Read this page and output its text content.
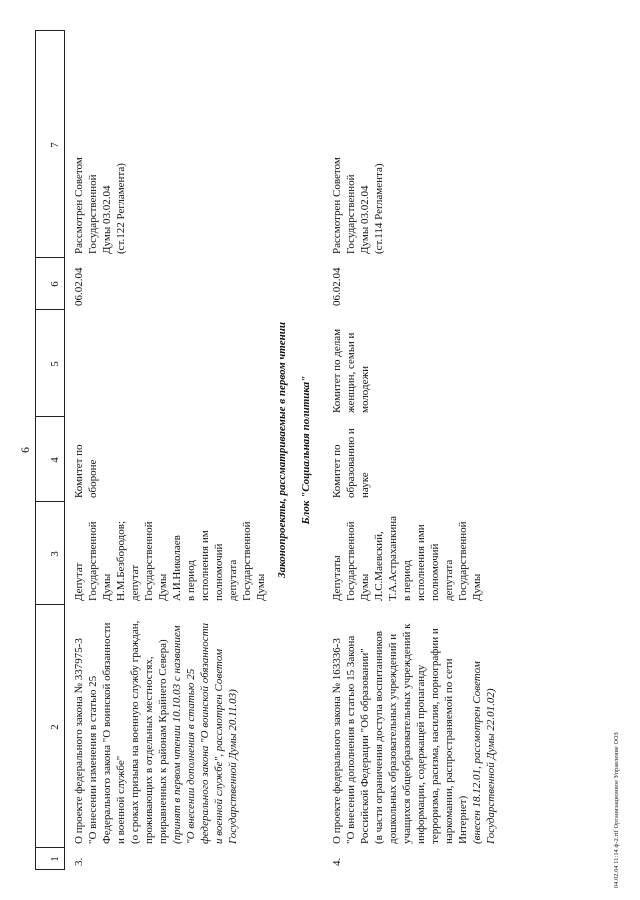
6
1
2
3
4
5
6
7
3.
О проекте федерального закона № 337975-3 "О внесении изменения в статью 25 Федерального закона "О воинской обязанности и военной службе" (о сроках призыва на военную службу граждан, проживающих в отдельных местностях, приравненных к районам Крайнего Севера) (принят в первом чтении 10.10.03 с названием "О внесении дополнения в статью 25 федерального закона "О воинской обязанности и военной службе", рассмотрен Советом Государственной Думы 20.11.03)
Депутат Государственной Думы Н.М.Безбородов; депутат Государственной Думы А.И.Николаев в период исполнения им полномочий депутата Государственной Думы
Комитет по обороне
06.02.04
Рассмотрен Советом Государственной Думы 03.02.04 (ст.122 Регламента)
Законопроекты, рассматриваемые в первом чтении Блок "Социальная политика"
4.
О проекте федерального закона № 163336-3 "О внесении дополнения в статью 15 Закона Российской Федерации "Об образовании" (в части ограничения доступа воспитанников дошкольных образовательных учреждений и учащихся общеобразовательных учреждений к информации, содержащей пропаганду терроризма, расизма, насилия, порнографии и наркомании, распространяемой по сети Интернет) (внесен 18.12.01, рассмотрен Советом Государственной Думы 22.01.02)
Депутаты Государственной Думы Л.С.Маевский, Т.А.Астраханкина в период исполнения ими полномочий депутата Государственной Думы
Комитет по образованию и науке
Комитет по делам женщин, семьи и молодежи
06.02.04
Рассмотрен Советом Государственной Думы 03.02.04 (ст.114 Регламента)
04.02.04 11:14 ф-2.rtf Организационное Управление ООЗ
